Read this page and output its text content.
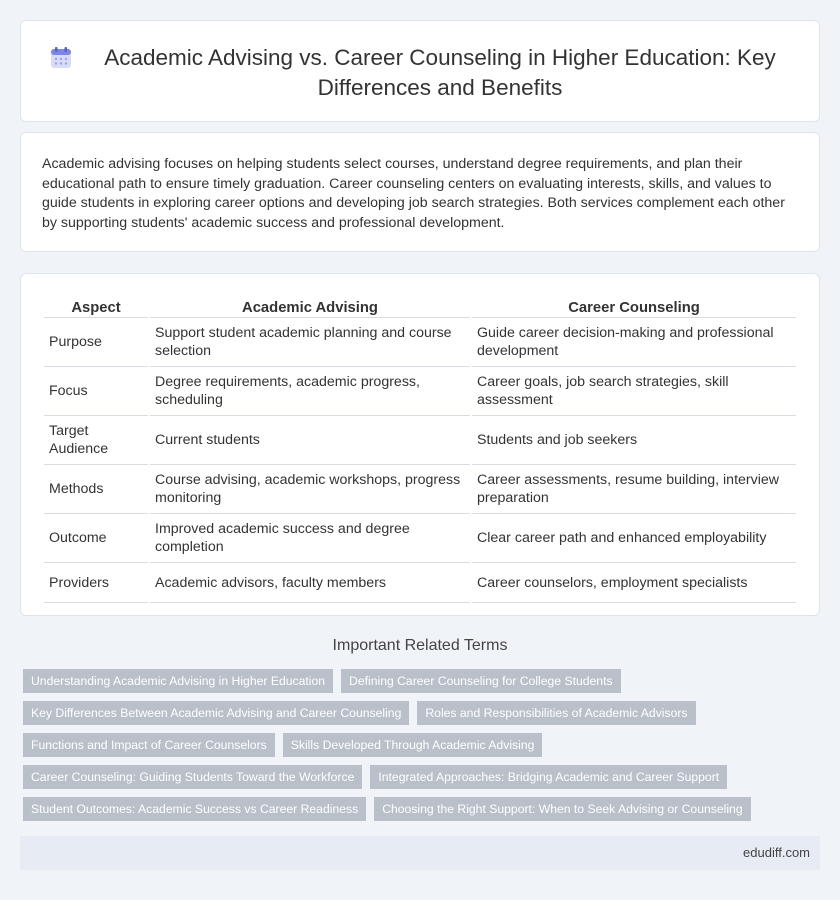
Academic Advising vs. Career Counseling in Higher Education: Key Differences and Benefits

Academic advising focuses on helping students select courses, understand degree requirements, and plan their educational path to ensure timely graduation. Career counseling centers on evaluating interests, skills, and values to guide students in exploring career options and developing job search strategies. Both services complement each other by supporting students' academic success and professional development.

Aspect	Academic Advising	Career Counseling
Purpose	Support student academic planning and course selection	Guide career decision-making and professional development
Focus	Degree requirements, academic progress, scheduling	Career goals, job search strategies, skill assessment
Target Audience	Current students	Students and job seekers
Methods	Course advising, academic workshops, progress monitoring	Career assessments, resume building, interview preparation
Outcome	Improved academic success and degree completion	Clear career path and enhanced employability
Providers	Academic advisors, faculty members	Career counselors, employment specialists
Important Related Terms
Understanding Academic Advising in Higher Education	Defining Career Counseling for College Students
Key Differences Between Academic Advising and Career Counseling	Roles and Responsibilities of Academic Advisors
Functions and Impact of Career Counselors	Skills Developed Through Academic Advising
Career Counseling: Guiding Students Toward the Workforce	Integrated Approaches: Bridging Academic and Career Support
Student Outcomes: Academic Success vs Career Readiness	Choosing the Right Support: When to Seek Advising or Counseling
edudiff.com
